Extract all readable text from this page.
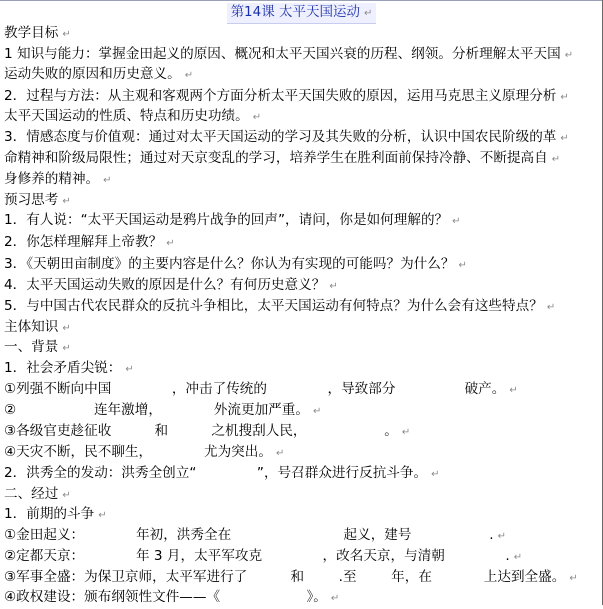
第14课 太平天国运动 ↵
教学目标 ↵
1 知识与能力：掌握金田起义的原因、概况和太平天国兴衰的历程、纲领。分析理解太平天国 ↵
运动失败的原因和历史意义。 ↵
2．过程与方法：从主观和客观两个方面分析太平天国失败的原因，运用马克思主义原理分析 ↵
太平天国运动的性质、特点和历史功绩。 ↵
3．情感态度与价值观：通过对太平天国运动的学习及其失败的分析，认识中国农民阶级的革 ↵
命精神和阶级局限性；通过对天京变乱的学习，培养学生在胜利面前保持冷静、不断提高自 ↵
身修养的精神。 ↵
预习思考 ↵
1．有人说：“太平天国运动是鸦片战争的回声”，请问，你是如何理解的？ ↵
2．你怎样理解拜上帝教？ ↵
3．《天朝田亩制度》的主要内容是什么？你认为有实现的可能吗？为什么？ ↵
4．太平天国运动失败的原因是什么？有何历史意义？ ↵
5．与中国古代农民群众的反抗斗争相比，太平天国运动有何特点？为什么会有这些特点？ ↵
主体知识 ↵
一、背景 ↵
1．社会矛盾尖锐： ↵
①列强不断向中国              ，冲击了传统的              ，导致部分                破产。 ↵
②                  连年激增，            外流更加严重。 ↵
③各级官吏趁征收          和          之机搜刮人民，                  。 ↵
④天灾不断，民不聊生，            尤为突出。 ↵
2．洪秀全的发动：洪秀全创立“              ”，号召群众进行反抗斗争。 ↵
二、经过 ↵
1．前期的斗争 ↵
①金田起义：            年初，洪秀全在                          起义，建号                  . ↵
②定都天京：            年 3 月，太平军攻克              ，改名天京，与清朝              . ↵
③军事全盛：为保卫京师，太平军进行了          和        .至        年，在            上达到全盛。 ↵
④政权建设：颁布纲领性文件——《                    》。 ↵
